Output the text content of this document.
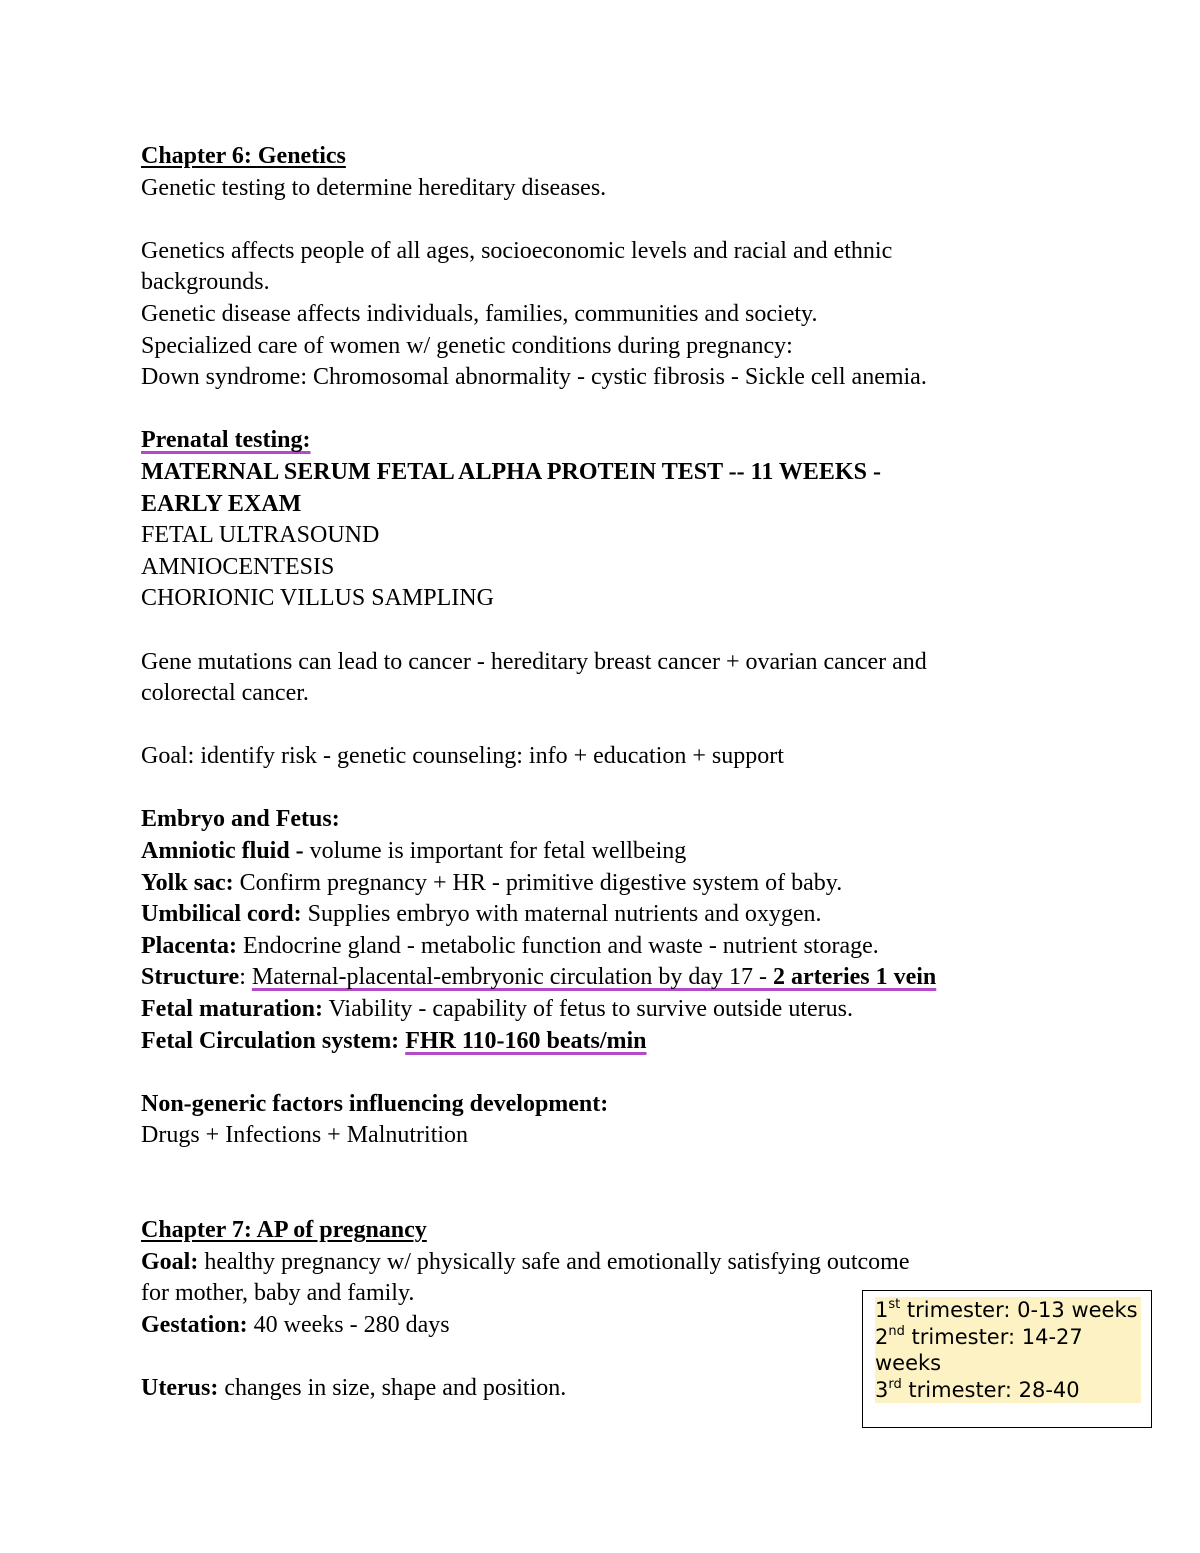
Chapter 6: Genetics

Genetic testing to determine hereditary diseases.

Genetics affects people of all ages, socioeconomic levels and racial and ethnic

backgrounds.

Genetic disease affects individuals, families, communities and society.

Specialized care of women w/ genetic conditions during pregnancy:

Down syndrome: Chromosomal abnormality - cystic fibrosis - Sickle cell anemia.

Prenatal testing:

MATERNAL SERUM FETAL ALPHA PROTEIN TEST -- 11 WEEKS -

EARLY EXAM

FETAL ULTRASOUND

AMNIOCENTESIS

CHORIONIC VILLUS SAMPLING

Gene mutations can lead to cancer - hereditary breast cancer + ovarian cancer and

colorectal cancer.

Goal: identify risk - genetic counseling: info + education + support

Embryo and Fetus:

Amniotic fluid - volume is important for fetal wellbeing

Yolk sac: Confirm pregnancy + HR - primitive digestive system of baby.

Umbilical cord: Supplies embryo with maternal nutrients and oxygen.

Placenta: Endocrine gland - metabolic function and waste - nutrient storage.

Structure: Maternal-placental-embryonic circulation by day 17 - 2 arteries 1 vein

Fetal maturation: Viability - capability of fetus to survive outside uterus.

Fetal Circulation system: FHR 110-160 beats/min

Non-generic factors influencing development:

Drugs + Infections + Malnutrition

Chapter 7: AP of pregnancy

Goal: healthy pregnancy w/ physically safe and emotionally satisfying outcome

for mother, baby and family.

Gestation: 40 weeks - 280 days

Uterus: changes in size, shape and position.

1st trimester: 0-13 weeks
2nd trimester: 14-27 weeks
3rd trimester: 28-40
